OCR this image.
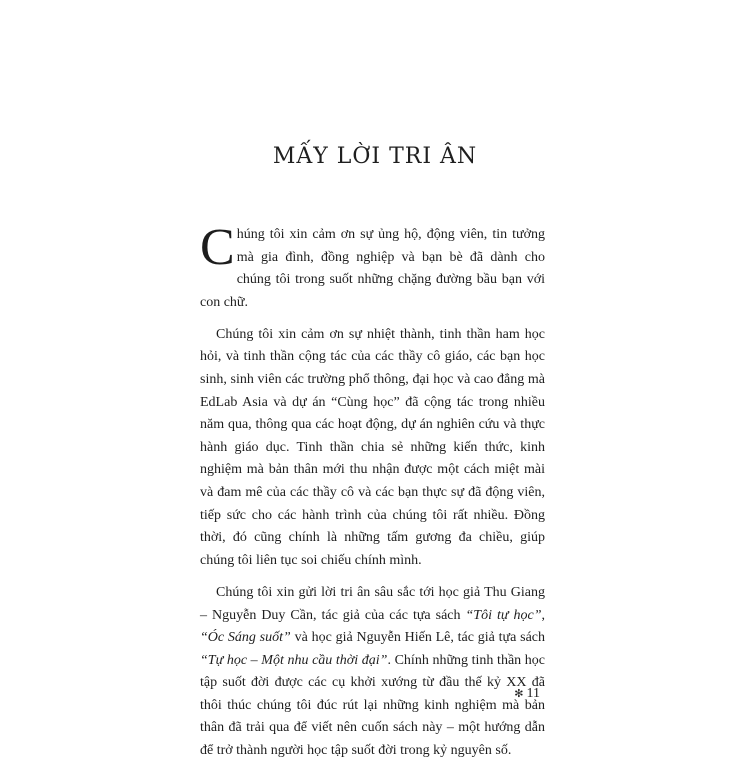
MẤY LỜI TRI ÂN

Chúng tôi xin cảm ơn sự ủng hộ, động viên, tin tưởng mà gia đình, đồng nghiệp và bạn bè đã dành cho chúng tôi trong suốt những chặng đường bầu bạn với con chữ.

Chúng tôi xin cảm ơn sự nhiệt thành, tinh thần ham học hỏi, và tinh thần cộng tác của các thầy cô giáo, các bạn học sinh, sinh viên các trường phổ thông, đại học và cao đẳng mà EdLab Asia và dự án “Cùng học” đã cộng tác trong nhiều năm qua, thông qua các hoạt động, dự án nghiên cứu và thực hành giáo dục. Tinh thần chia sẻ những kiến thức, kinh nghiệm mà bản thân mới thu nhận được một cách miệt mài và đam mê của các thầy cô và các bạn thực sự đã động viên, tiếp sức cho các hành trình của chúng tôi rất nhiều. Đồng thời, đó cũng chính là những tấm gương đa chiều, giúp chúng tôi liên tục soi chiếu chính mình.

Chúng tôi xin gửi lời tri ân sâu sắc tới học giả Thu Giang – Nguyễn Duy Cần, tác giả của các tựa sách “Tôi tự học”, “Óc Sáng suốt” và học giả Nguyễn Hiến Lê, tác giả tựa sách “Tự học – Một nhu cầu thời đại”. Chính những tinh thần học tập suốt đời được các cụ khởi xướng từ đầu thế kỷ XX đã thôi thúc chúng tôi đúc rút lại những kinh nghiệm mà bản thân đã trải qua để viết nên cuốn sách này – một hướng dẫn để trở thành người học tập suốt đời trong kỷ nguyên số.

✻ 11
